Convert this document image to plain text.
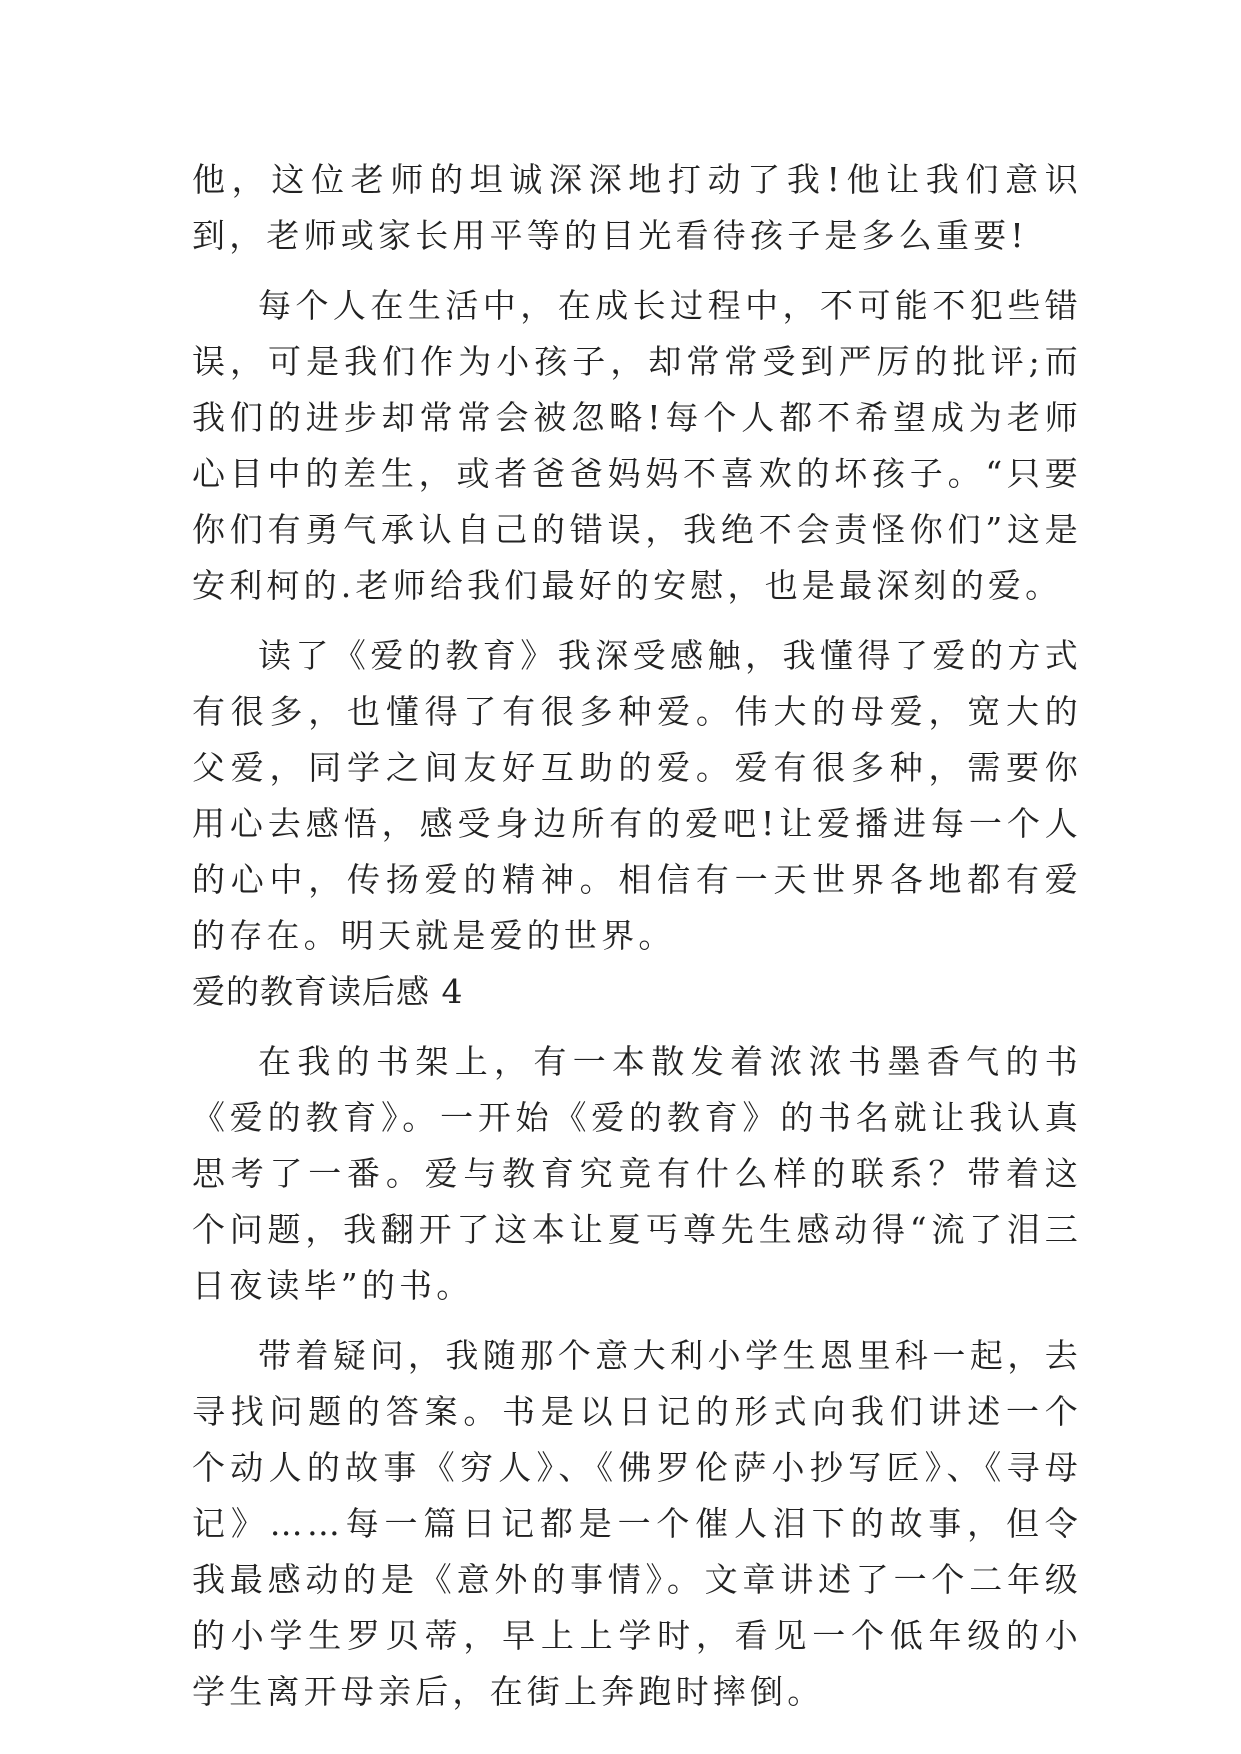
他，这位老师的坦诚深深地打动了我!他让我们意识到，老师或家长用平等的目光看待孩子是多么重要!

每个人在生活中，在成长过程中，不可能不犯些错误，可是我们作为小孩子，却常常受到严厉的批评;而我们的进步却常常会被忽略!每个人都不希望成为老师心目中的差生，或者爸爸妈妈不喜欢的坏孩子。“只要你们有勇气承认自己的错误，我绝不会责怪你们”这是安利柯的.老师给我们最好的安慰，也是最深刻的爱。

读了《爱的教育》我深受感触，我懂得了爱的方式有很多，也懂得了有很多种爱。伟大的母爱，宽大的父爱，同学之间友好互助的爱。爱有很多种，需要你用心去感悟，感受身边所有的爱吧!让爱播进每一个人的心中，传扬爱的精神。相信有一天世界各地都有爱的存在。明天就是爱的世界。

爱的教育读后感 4

在我的书架上，有一本散发着浓浓书墨香气的书《爱的教育》。一开始《爱的教育》的书名就让我认真思考了一番。爱与教育究竟有什么样的联系？带着这个问题，我翻开了这本让夏丐尊先生感动得“流了泪三日夜读毕”的书。

带着疑问，我随那个意大利小学生恩里科一起，去寻找问题的答案。书是以日记的形式向我们讲述一个个动人的故事《穷人》、《佛罗伦萨小抄写匠》、《寻母记》……每一篇日记都是一个催人泪下的故事，但令我最感动的是《意外的事情》。文章讲述了一个二年级的小学生罗贝蒂，早上上学时，看见一个低年级的小学生离开母亲后，在街上奔跑时摔倒。
